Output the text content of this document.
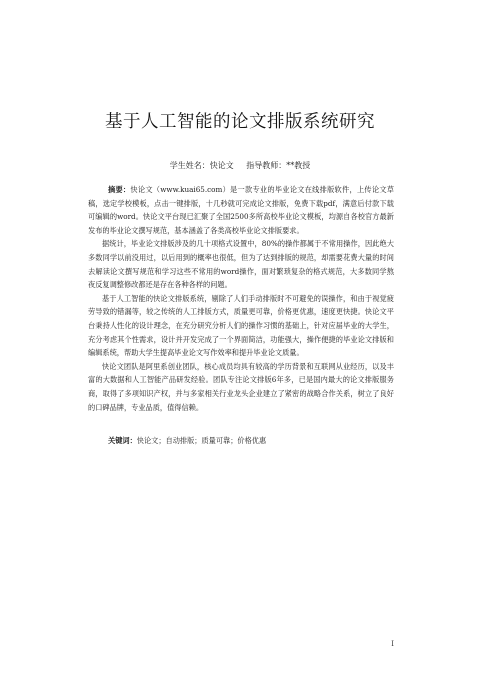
基于人工智能的论文排版系统研究
学生姓名：快论文 指导教师：**教授

摘要：快论文（www.kuai65.com）是一款专业的毕业论文在线排版软件，上传论文草稿，选定学校模板，点击一键排版，十几秒就可完成论文排版，免费下载pdf，满意后付款下载可编辑的word。快论文平台现已汇聚了全国2500多所高校毕业论文模板，均源自各校官方最新发布的毕业论文撰写规范，基本涵盖了各类高校毕业论文排版要求。

据统计，毕业论文排版涉及的几十项格式设置中，80%的操作都属于不常用操作，因此绝大多数同学以前没用过，以后用到的概率也很低，但为了达到排版的规范，却需要花费大量的时间去解读论文撰写规范和学习这些不常用的word操作，面对繁琐复杂的格式规范，大多数同学熬夜反复调整修改都还是存在各种各样的问题。

基于人工智能的快论文排版系统，剔除了人们手动排版时不可避免的误操作，和由于视觉疲劳导致的错漏等，较之传统的人工排版方式，质量更可靠，价格更优惠，速度更快捷。快论文平台秉持人性化的设计理念，在充分研究分析人们的操作习惯的基础上，针对应届毕业的大学生，充分考虑其个性需求，设计并开发完成了一个界面简洁，功能强大，操作便捷的毕业论文排版和编辑系统，帮助大学生提高毕业论文写作效率和提升毕业论文质量。

快论文团队是阿里系创业团队，核心成员均具有较高的学历背景和互联网从业经历，以及丰富的大数据和人工智能产品研发经验。团队专注论文排版6年多，已是国内最大的论文排版服务商，取得了多项知识产权，并与多家相关行业龙头企业建立了紧密的战略合作关系，树立了良好的口碑品牌，专业品质，值得信赖。

关键词：快论文；自动排版；质量可靠；价格优惠
I
